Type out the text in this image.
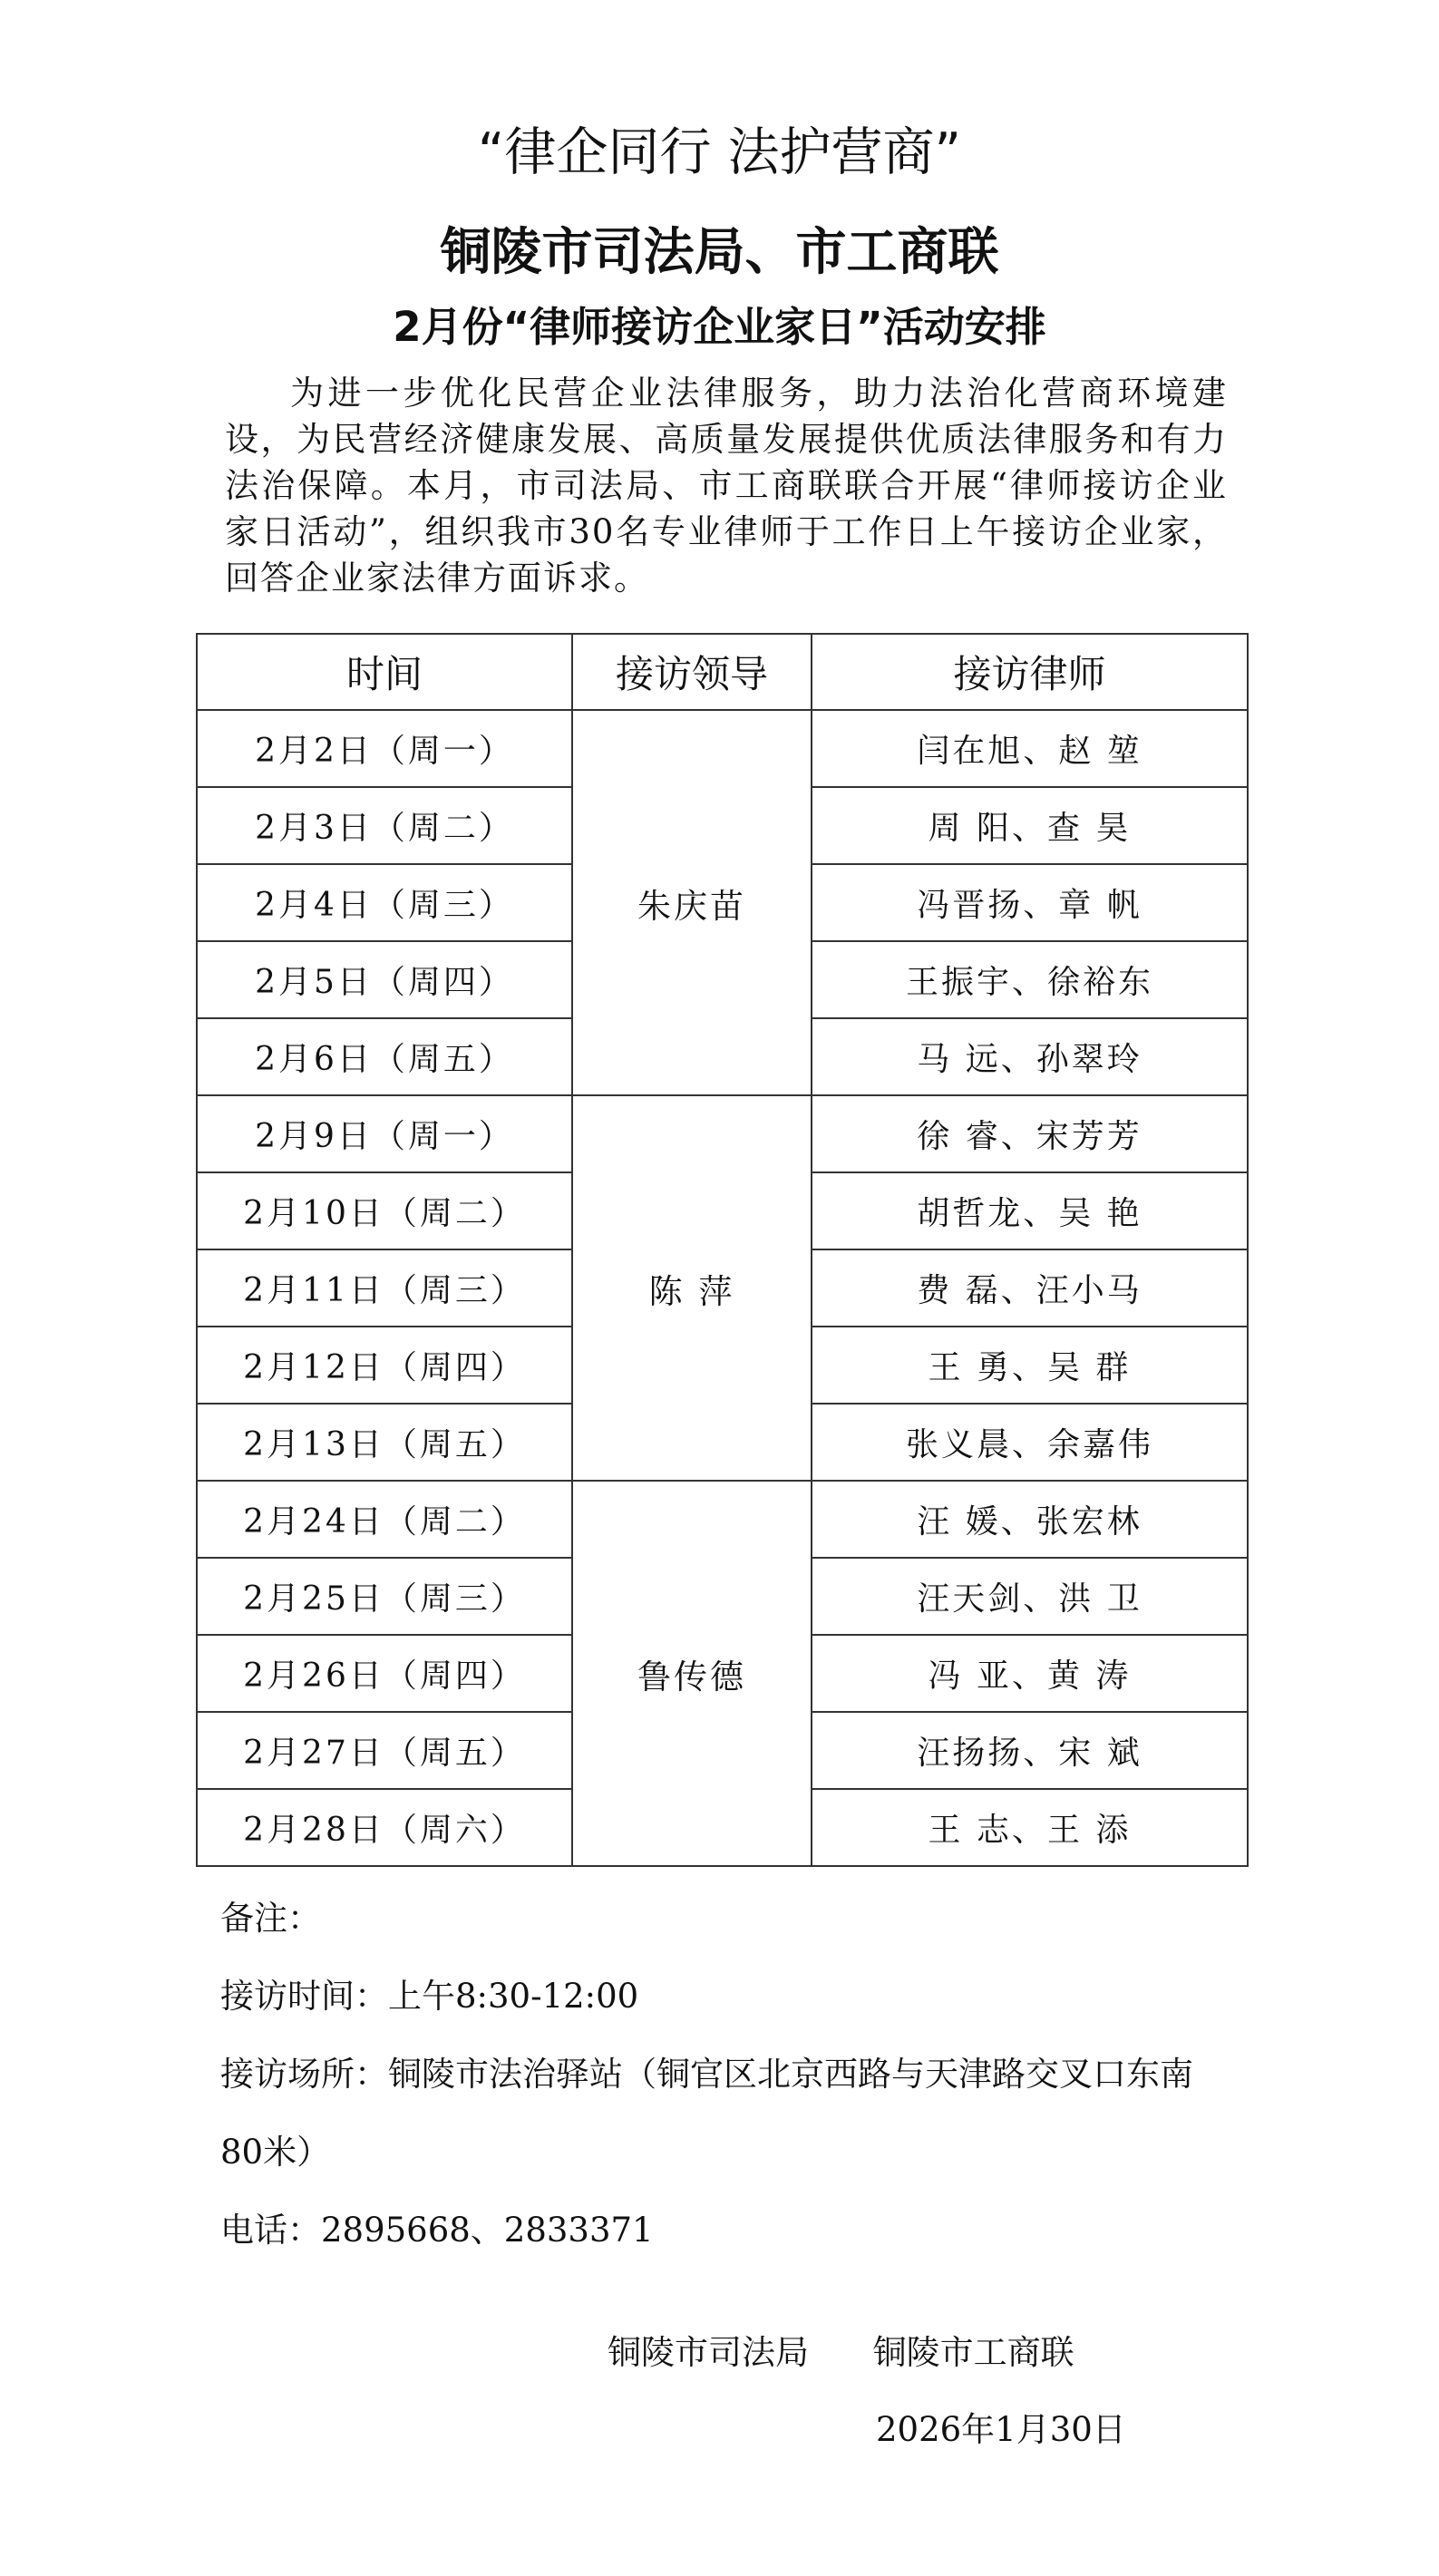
“律企同行 法护营商”
铜陵市司法局、市工商联
2月份“律师接访企业家日”活动安排
为进一步优化民营企业法律服务，助力法治化营商环境建设，为民营经济健康发展、高质量发展提供优质法律服务和有力法治保障。本月，市司法局、市工商联联合开展“律师接访企业家日活动”，组织我市30名专业律师于工作日上午接访企业家，回答企业家法律方面诉求。
时间	接访领导	接访律师
2月2日（周一）	朱庆苗	闫在旭、赵 堃
2月3日（周二）		周 阳、查 昊
2月4日（周三）		冯晋扬、章 帆
2月5日（周四）		王振宇、徐裕东
2月6日（周五）		马 远、孙翠玲
2月9日（周一）	陈 萍	徐 睿、宋芳芳
2月10日（周二）		胡哲龙、吴 艳
2月11日（周三）		费 磊、汪小马
2月12日（周四）		王 勇、吴 群
2月13日（周五）		张义晨、余嘉伟
2月24日（周二）	鲁传德	汪 媛、张宏林
2月25日（周三）		汪天剑、洪 卫
2月26日（周四）		冯 亚、黄 涛
2月27日（周五）		汪扬扬、宋 斌
2月28日（周六）		王 志、王 添
备注：
接访时间：上午8:30-12:00
接访场所：铜陵市法治驿站（铜官区北京西路与天津路交叉口东南80米）
电话：2895668、2833371
铜陵市司法局 铜陵市工商联
2026年1月30日
